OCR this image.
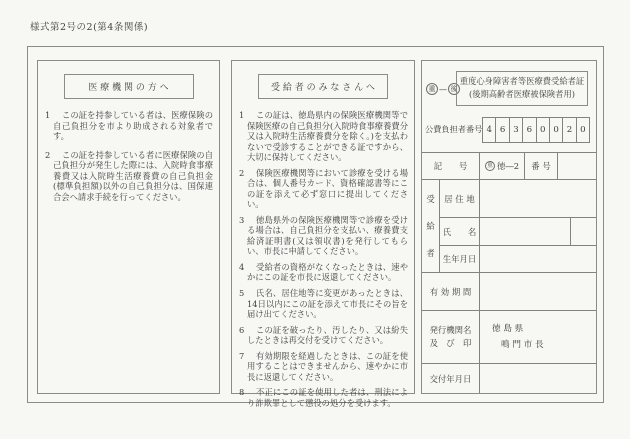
様式第2号の2(第4条関係)
医 療 機 関 の 方 へ
1 この証を持参している者は、医療保険の自己負担分を市より助成される対象者です。
2 この証を持参している者に医療保険の自己負担分が発生した際には、入院時食事療養費又は入院時生活療養費の自己負担金(標準負担額)以外の自己負担分は、国保連合会へ請求手続を行ってください。
受 給 者 の み な さ ん へ
1 この証は、徳島県内の保険医療機関等で保険医療の自己負担分(入院時食事療養費分又は入院時生活療養費分を除く。)を支払わないで受診することができる証ですから、大切に保持してください。
2 保険医療機関等において診療を受ける場合は、個人番号カード、資格確認書等にこの証を添えて必ず窓口に提出してください。
3 徳島県外の保険医療機関等で診療を受ける場合は、自己負担分を支払い、療養費支給済証明書(又は領収書)を発行してもらい、市長に申請してください。
4 受給者の資格がなくなったときは、速やかにこの証を市長に返還してください。
5 氏名、居住地等に変更があったときは、14日以内にこの証を添えて市長にその旨を届け出てください。
6 この証を破ったり、汚したり、又は紛失したときは再交付を受けてください。
7 有効期限を経過したときは、この証を使用することはできませんから、速やかに市長に返還してください。
8 不正にこの証を使用した者は、刑法により詐欺罪として懲役の処分を受けます。
重 — 後
重度心身障害者等医療費受給者証
(後期高齢者医療被保険者用)
公費負担者番号 4 6 3 6 0 0 2 0
記　　号	重 徳―2	番 号
受
給
者
居 住 地
氏　　名
生年月日
有 効 期 間
発行機関名
及　び　印
徳 島 県
鳴 門 市 長
交付年月日
